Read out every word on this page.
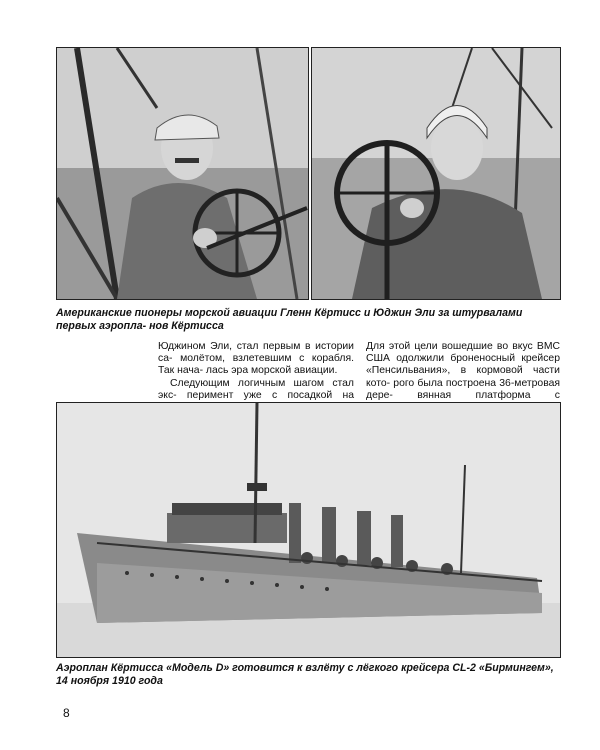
Американские пионеры морской авиации Гленн Кёртисс и Юджин Эли за штурвалами первых аэропла- нов Кёртисса

Юджином Эли, стал первым в истории са- молётом, взлетевшим с корабля. Так нача- лась эра морской авиации.

Следующим логичным шагом стал экс- перимент уже с посадкой на

Для этой цели вошедшие во вкус ВМС США одолжили броненосный крейсер «Пенсильвания», в кормовой части кото- рого была построена 36-метровая дере- вянная платформа с

Аэроплан Кёртисса «Модель D» готовится к взлёту с лёгкого крейсера CL-2 «Бирмингем», 14 ноября 1910 года
8
